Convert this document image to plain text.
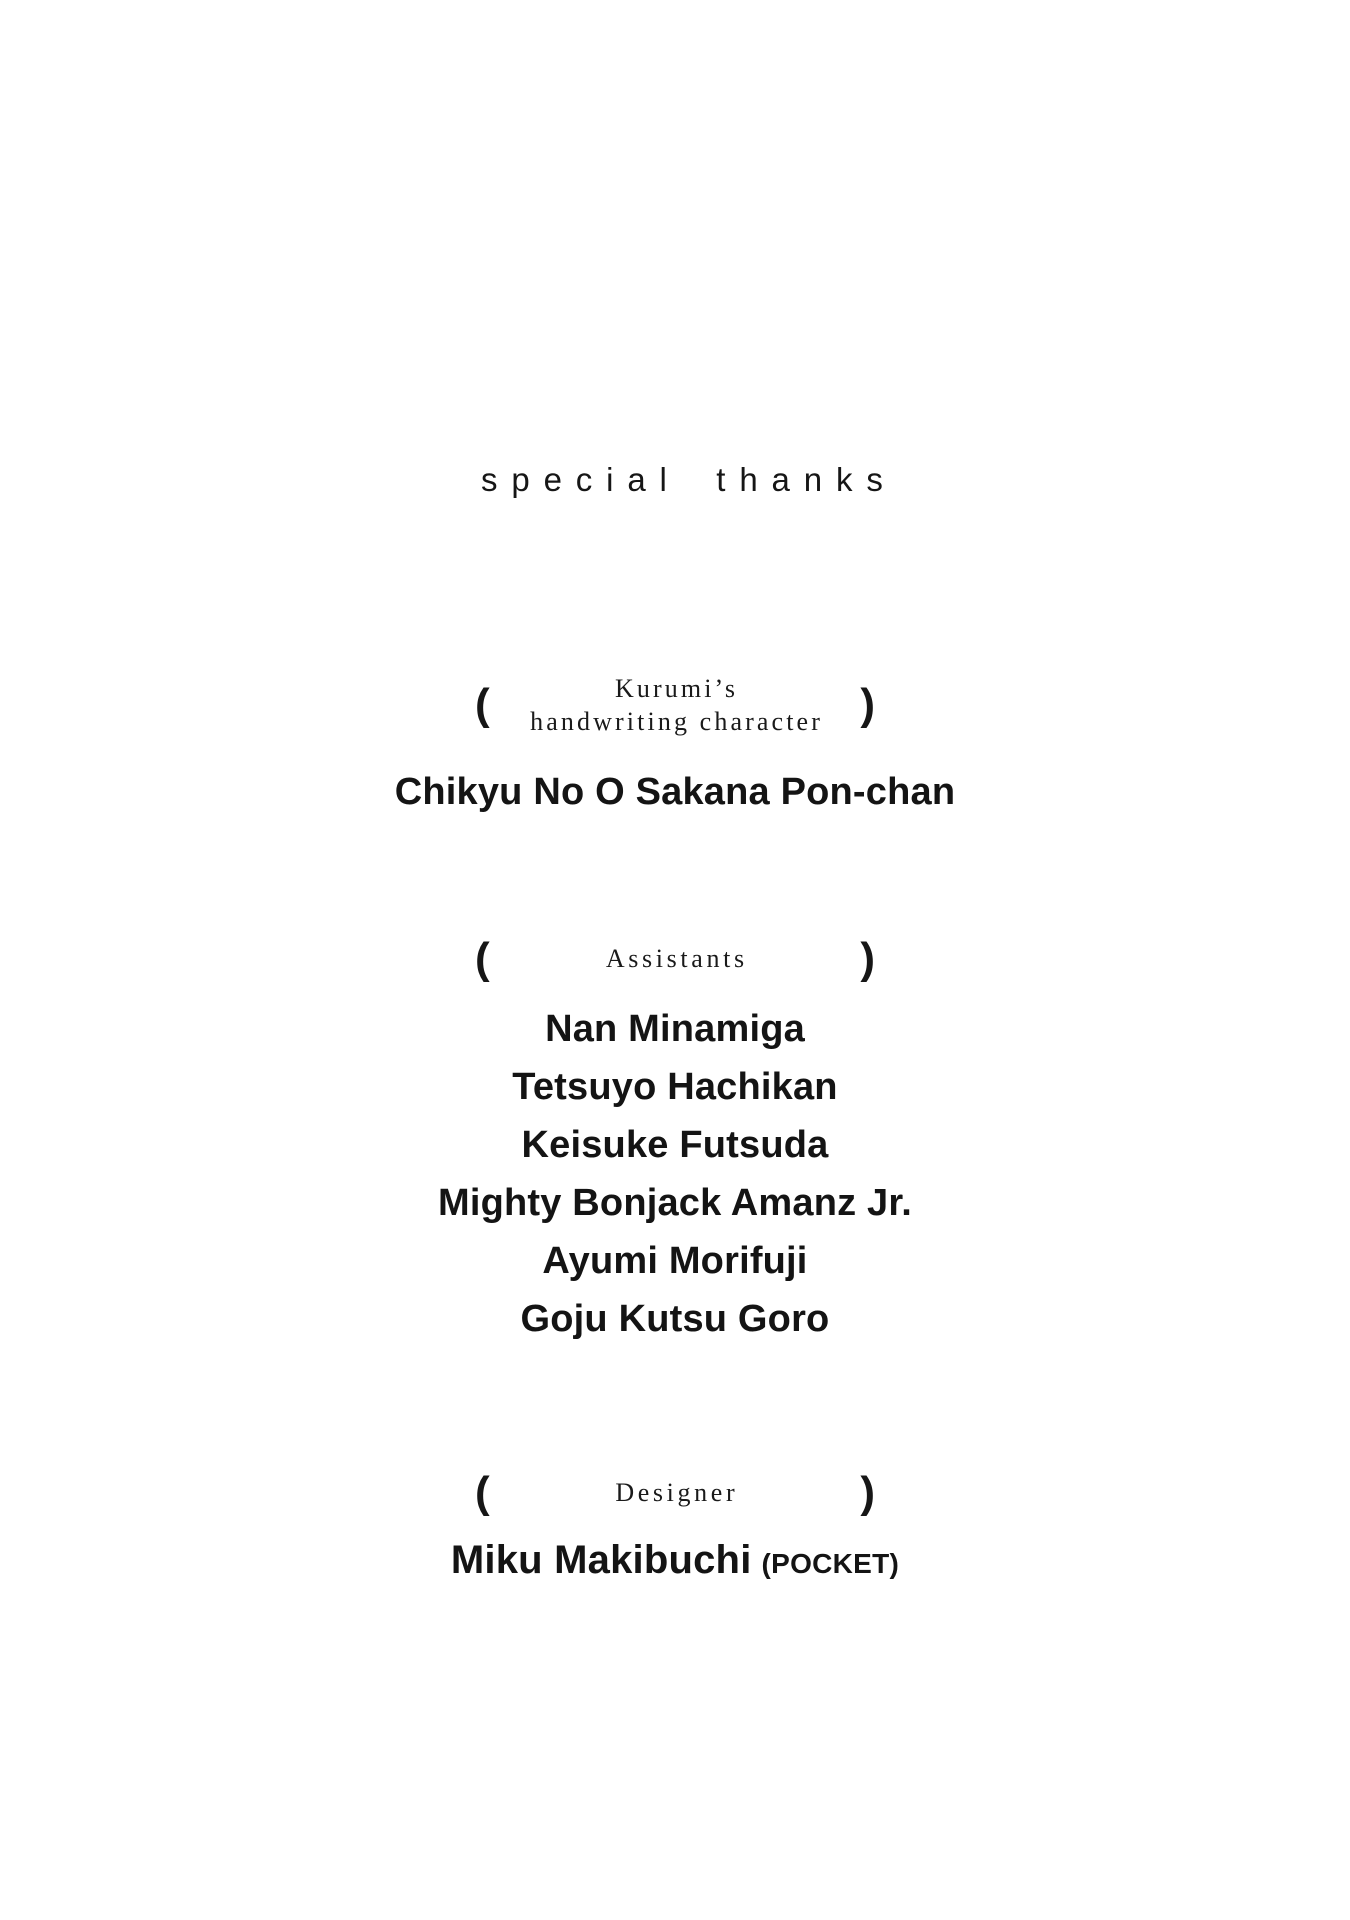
special thanks
(	Kurumi’s
handwriting character )
Chikyu No O Sakana Pon-chan
(	Assistants	)
Nan Minamiga
Tetsuyo Hachikan
Keisuke Futsuda
Mighty Bonjack Amanz Jr.
Ayumi Morifuji
Goju Kutsu Goro
(	Designer	)
Miku Makibuchi (POCKET)
